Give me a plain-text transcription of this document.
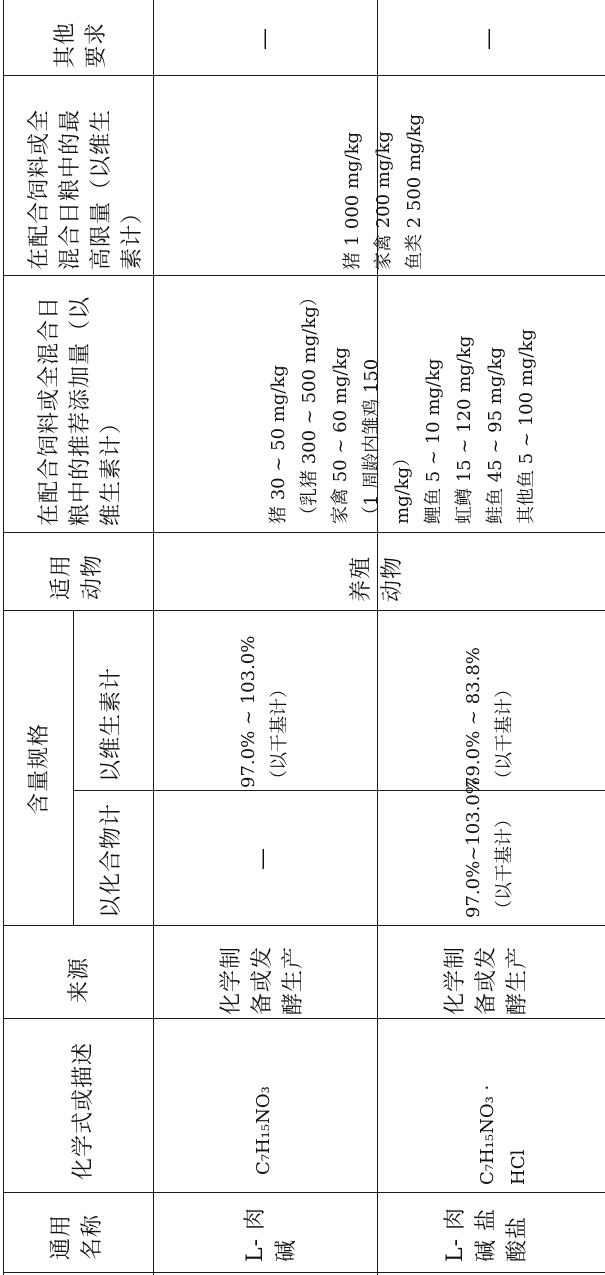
其他
要求
在配合饲料或全
混合日粮中的最
高限量（以维生
素计）
在配合饲料或全混合日
粮中的推荐添加量（以
维生素计）
适用
动物
含量规格 以维生素计
以化合物计
来源
化学式或描述
通用
名称	L- 肉
碱
C₇H₁₅NO₃
化学制
备或发
酵生产
—
97.0% ~ 103.0%
（以干基计）
—
L- 肉
碱 盐
酸盐
C₇H₁₅NO₃ · HCl
化学制
备或发
酵生产
97.0%~103.0%
（以干基计）
79.0% ~ 83.8%
（以干基计）
—
养殖
动物
猪 30 ~ 50 mg/kg
（乳猪 300 ~ 500 mg/kg）
家禽 50 ~ 60 mg/kg
（1 周龄内雏鸡 150
mg/kg）
鲤鱼 5 ~ 10 mg/kg
虹鳟 15 ~ 120 mg/kg
鲑鱼 45 ~ 95 mg/kg
其他鱼 5 ~ 100 mg/kg
猪 1 000 mg/kg
家禽 200 mg/kg
鱼类 2 500 mg/kg
